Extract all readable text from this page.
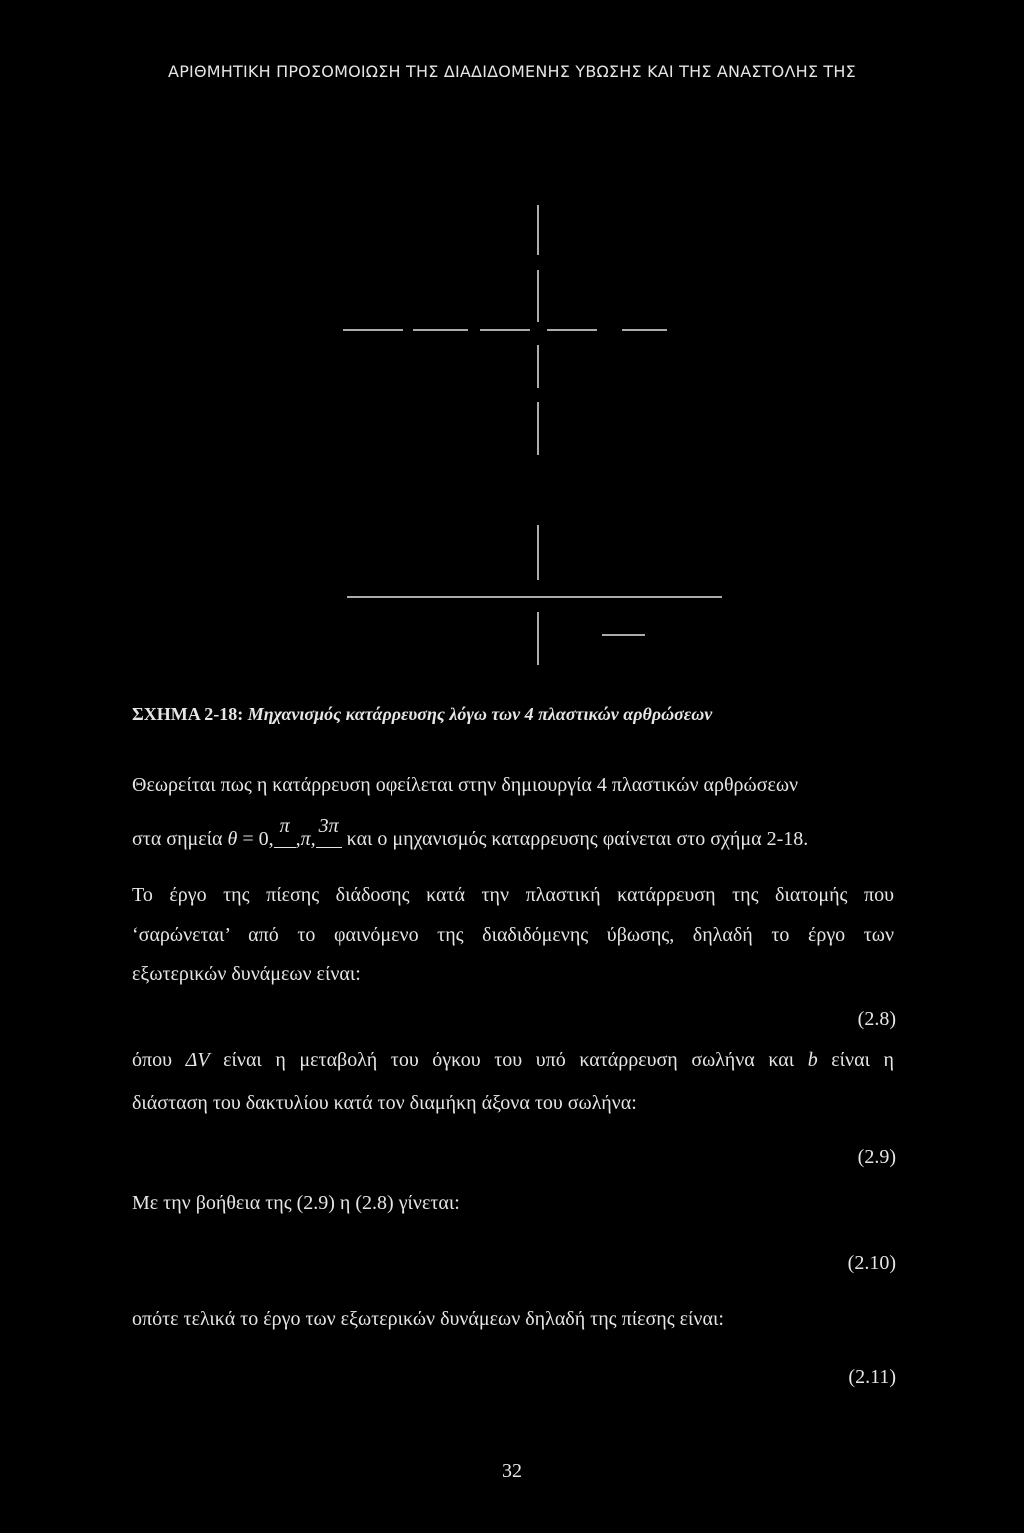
ΑΡΙΘΜΗΤΙΚΗ ΠΡΟΣΟΜΟΙΩΣΗ ΤΗΣ ΔΙΑΔΙΔΟΜΕΝΗΣ ΥΒΩΣΗΣ ΚΑΙ ΤΗΣ ΑΝΑΣΤΟΛΗΣ ΤΗΣ
ΣΧΗΜΑ 2-18: Μηχανισμός κατάρρευσης λόγω των 4 πλαστικών αρθρώσεων
Θεωρείται πως η κατάρρευση οφείλεται στην δημιουργία 4 πλαστικών αρθρώσεων
στα σημεία θ = 0,
π
,π,
3π
και ο μηχανισμός καταρρευσης φαίνεται στο σχήμα 2-18.
Το έργο της πίεσης διάδοσης κατά την πλαστική κατάρρευση της διατομής που
‘σαρώνεται’ από το φαινόμενο της διαδιδόμενης ύβωσης, δηλαδή το έργο των
εξωτερικών δυνάμεων είναι:
(2.8)
όπου ΔV είναι η μεταβολή του όγκου του υπό κατάρρευση σωλήνα και b είναι η
διάσταση του δακτυλίου κατά τον διαμήκη άξονα του σωλήνα:
(2.9)
Με την βοήθεια της (2.9) η (2.8) γίνεται:
(2.10)
οπότε τελικά το έργο των εξωτερικών δυνάμεων δηλαδή της πίεσης είναι:
(2.11)
32
